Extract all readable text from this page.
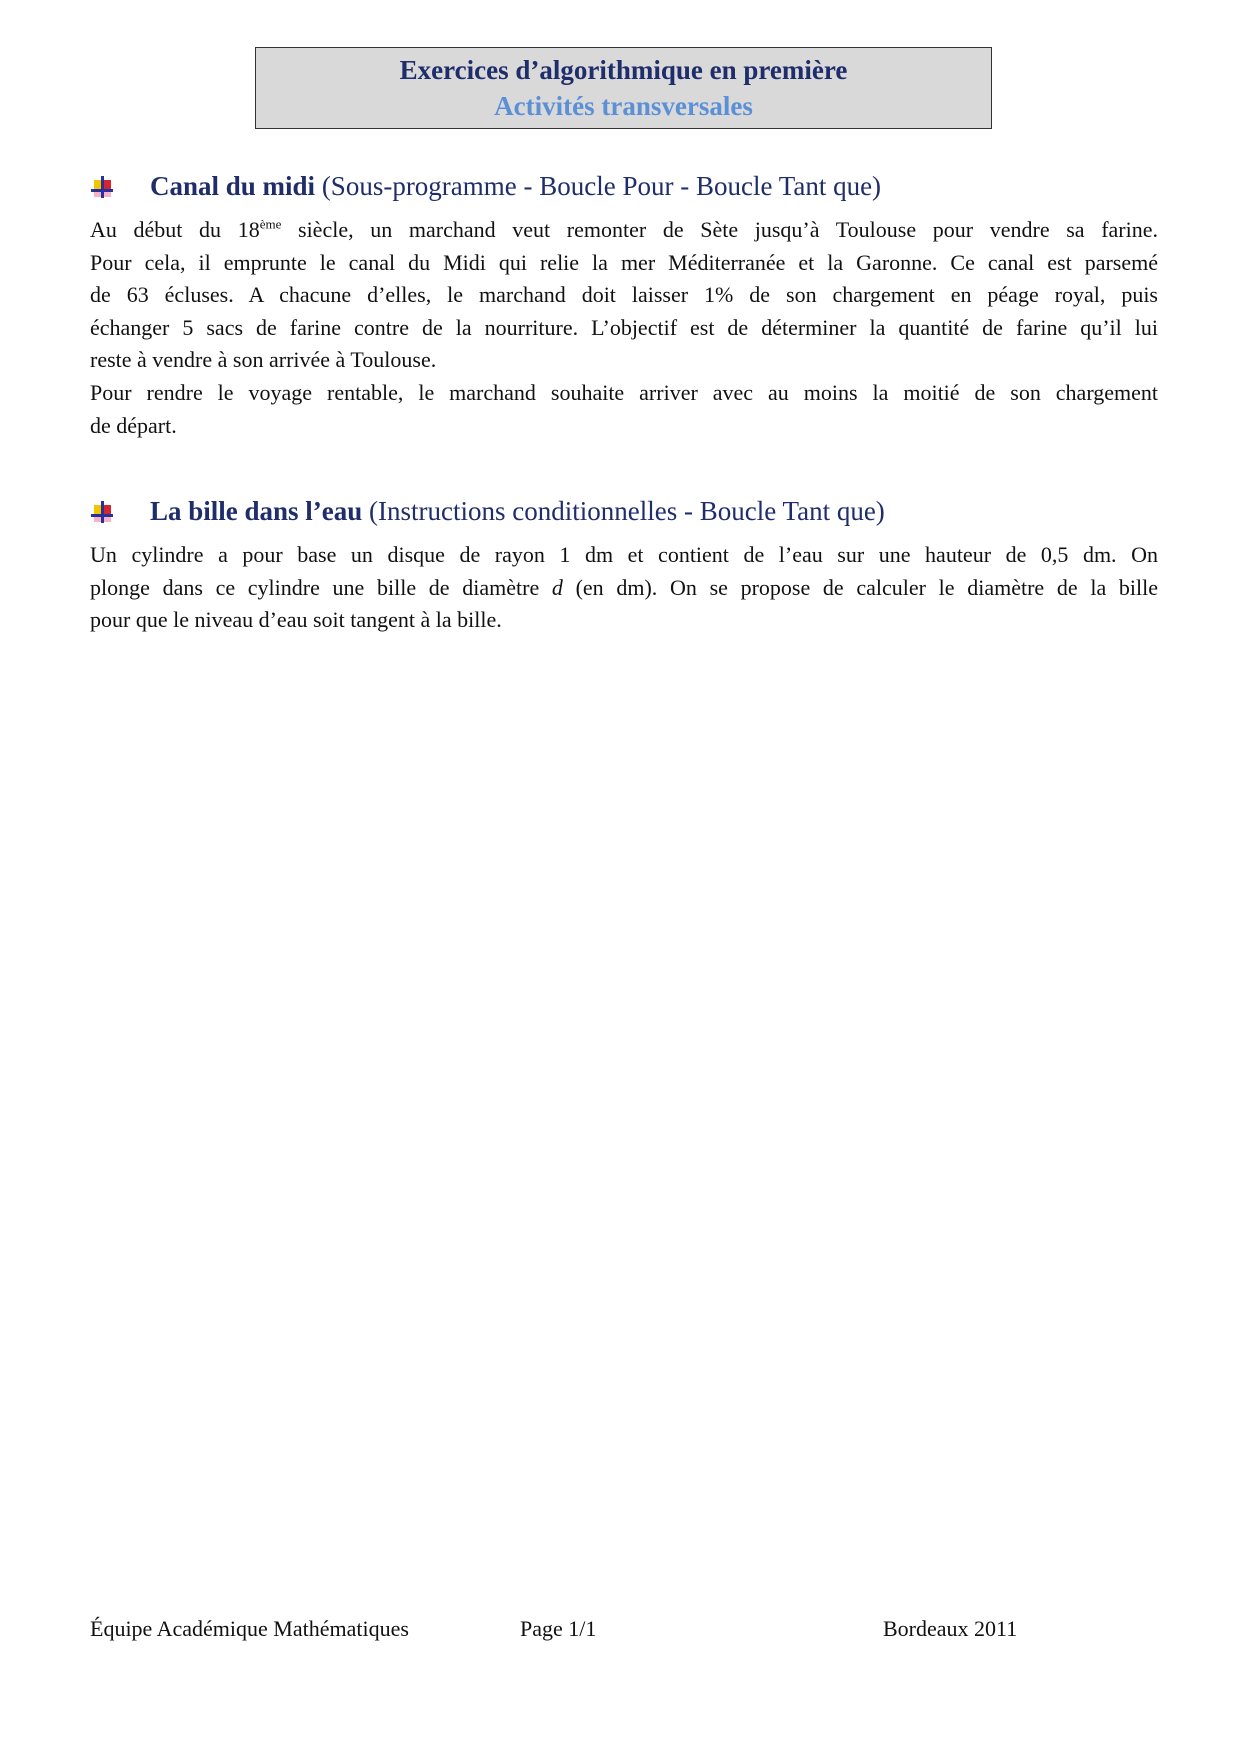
Exercices d’algorithmique en première
Activités transversales
Canal du midi (Sous-programme - Boucle Pour - Boucle Tant que)

Au début du 18ème siècle, un marchand veut remonter de Sète jusqu’à Toulouse pour vendre sa farine.

Pour cela, il emprunte le canal du Midi qui relie la mer Méditerranée et la Garonne. Ce canal est parsemé

de 63 écluses. A chacune d’elles, le marchand doit laisser 1% de son chargement en péage royal, puis

échanger 5 sacs de farine contre de la nourriture. L’objectif est de déterminer la quantité de farine qu’il lui

reste à vendre à son arrivée à Toulouse.

Pour rendre le voyage rentable, le marchand souhaite arriver avec au moins la moitié de son chargement

de départ.

La bille dans l’eau (Instructions conditionnelles - Boucle Tant que)

Un cylindre a pour base un disque de rayon 1 dm et contient de l’eau sur une hauteur de 0,5 dm. On

plonge dans ce cylindre une bille de diamètre d (en dm). On se propose de calculer le diamètre de la bille

pour que le niveau d’eau soit tangent à la bille.

Équipe Académique Mathématiques	Page 1/1	Bordeaux 2011
